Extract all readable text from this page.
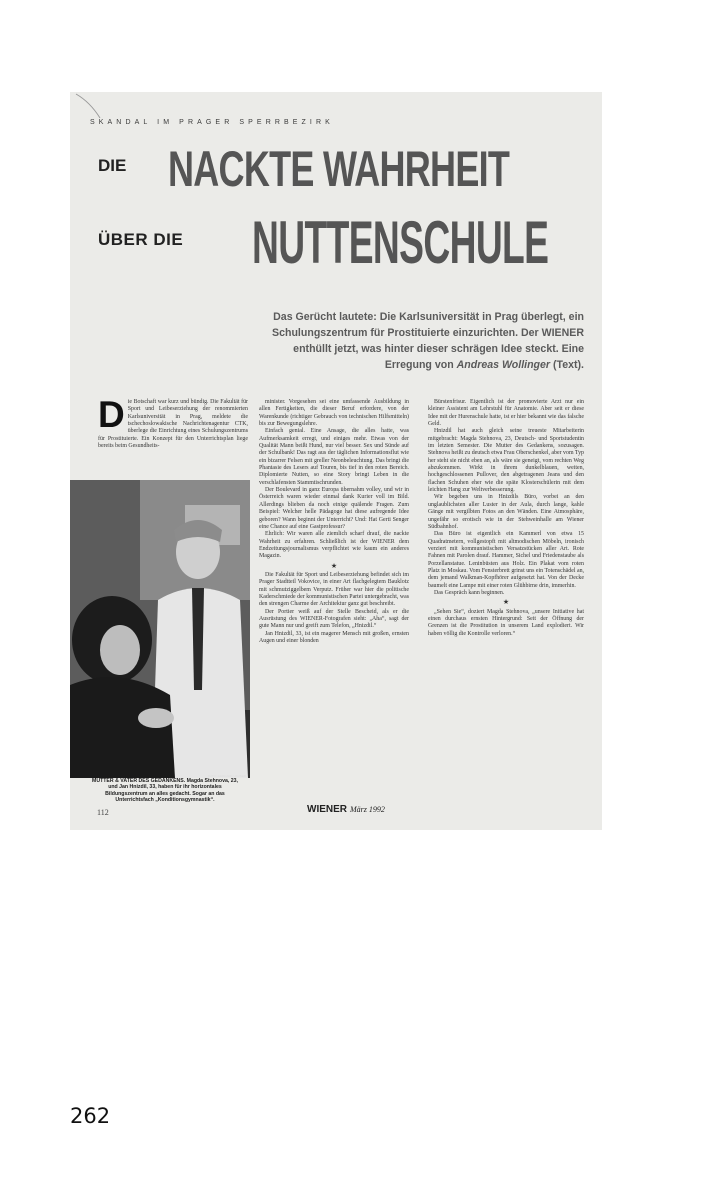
SKANDAL IM PRAGER SPERRBEZIRK
DIE NACKTE WAHRHEIT
ÜBER DIE NUTTENSCHULE
Das Gerücht lautete: Die Karlsuniversität in Prag überlegt, ein Schulungszentrum für Prostituierte einzurichten. Der WIENER enthüllt jetzt, was hinter dieser schrägen Idee steckt. Eine Erregung von Andreas Wollinger (Text).
D ie Botschaft war kurz und bündig. Die Fakultät für Sport und Leibeserziehung der renommierten Karlsuniversität in Prag, meldete die tschechoslowakische Nachrichtenagentur CTK, überlege die Einrichtung eines Schulungszentrums für Prostituierte. Ein Konzept für den Unterrichtsplan liege bereits beim Gesundheits-

minister. Vorgesehen sei eine umfassende Ausbildung in allen Fertigkeiten, die dieser Beruf erfordere, von der Warenkunde (richtiger Gebrauch von technischen Hilfsmitteln) bis zur Bewegungslehre.

Einfach genial. Eine Ansage, die alles hatte, was Aufmerksamkeit erregt, und einiges mehr. Etwas von der Qualität Mann beißt Hund, nur viel besser. Sex und Sünde auf der Schulbank! Das ragt aus der täglichen Informationsflut wie ein bizarrer Felsen mit greller Neonbeleuchtung. Das bringt die Phantasie des Lesers auf Touren, bis tief in den roten Bereich. Diplomierte Nutten, so eine Story bringt Leben in die verschlafensten Stammtischrunden.

Der Boulevard in ganz Europa übernahm volley, und wir in Österreich waren wieder einmal dank Kurier voll im Bild. Allerdings blieben da noch einige quälende Fragen. Zum Beispiel: Welcher helle Pädagoge hat diese aufregende Idee geboren? Wann beginnt der Unterricht? Und: Hat Gerti Senger eine Chance auf eine Gastprofessur?

Ehrlich: Wir waren alle ziemlich scharf drauf, die nackte Wahrheit zu erfahren. Schließlich ist der WIENER dem Endzeitungsjournalismus verpflichtet wie kaum ein anderes Magazin.

★

Die Fakultät für Sport und Leibeserziehung befindet sich im Prager Stadtteil Vokovice, in einer Art flachgelegtem Bauklotz mit schmutziggelbem Verputz. Früher war hier die politische Kaderschmiede der kommunistischen Partei untergebracht, was den strengen Charme der Architektur ganz gut beschreibt.

Der Portier weiß auf der Stelle Bescheid, als er die Ausrüstung des WIENER-Fotografen sieht: „Aha“, sagt der gute Mann nur und greift zum Telefon, „Hnizdil.“

Jan Hnizdil, 33, ist ein magerer Mensch mit großen, ernsten Augen und einer blonden

Bürstenfrisur. Eigentlich ist der promovierte Arzt nur ein kleiner Assistent am Lehrstuhl für Anatomie. Aber seit er diese Idee mit der Hurenschule hatte, ist er hier bekannt wie das falsche Geld.

Hnizdil hat auch gleich seine treueste Mitarbeiterin mitgebracht: Magda Stehnova, 23, Deutsch- und Sportstudentin im letzten Semester. Die Mutter des Gedankens, sozusagen. Stehnova heißt zu deutsch etwa Frau Oberschenkel, aber vom Typ her steht sie nicht eben an, als wäre sie geneigt, vom rechten Weg abzukommen. Wirkt in ihrem dunkelblauen, weiten, hochgeschlossenen Pullover, den abgetragenen Jeans und den flachen Schuhen eher wie die späte Klosterschülerin mit dem leichten Hang zur Weltverbesserung.

Wir begeben uns in Hnizdils Büro, vorbei an den unglaublichsten aller Luster in der Aula, durch lange, kahle Gänge mit vergilbten Fotos an den Wänden. Eine Atmosphäre, ungefähr so erotisch wie in der Stehweinhalle am Wiener Südbahnhof.

Das Büro ist eigentlich ein Kammerl von etwa 15 Quadratmetern, vollgestopft mit altmodischen Möbeln, ironisch verziert mit kommunistischen Versatzstücken aller Art. Rote Fahnen mit Parolen drauf. Hammer, Sichel und Friedenstaube als Porzellanstatue. Leninbüsten aus Holz. Ein Plakat vom roten Platz in Moskau. Vom Fensterbrett grinst uns ein Totenschädel an, dem jemand Walkman-Kopfhörer aufgesetzt hat. Von der Decke baumelt eine Lampe mit einer roten Glühbirne drin, immerhin.

Das Gespräch kann beginnen.

★

„Sehen Sie“, doziert Magda Stehnova, „unsere Initiative hat einen durchaus ernsten Hintergrund: Seit der Öffnung der Grenzen ist die Prostitution in unserem Land explodiert. Wir haben völlig die Kontrolle verloren.“

FOTO: GERHARD HAUSER
MUTTER & VATER DES GEDANKENS. Magda Stehnova, 23, und Jan Hnizdil, 33, haben für ihr horizontales Bildungszentrum an alles gedacht. Sogar an das Unterrichtsfach „Konditionsgymnastik“.
112	WIENER März 1992
262
